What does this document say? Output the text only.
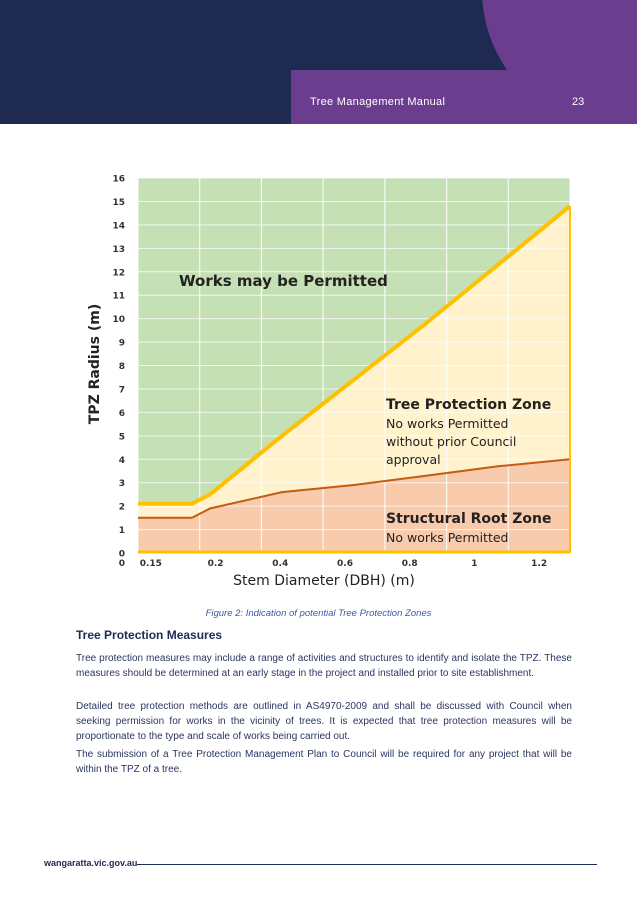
Tree Management Manual	23
0
1
2
3
4
5
6
7
8
9
10
11
12
13
14
15
16
0 0.15	0.2	0.4	0.6	0.8	1	1.2
Stem Diameter (DBH) (m)
TPZ Radius (m)
Works may be Permitted
Tree Protection Zone
No works Permitted
without prior Council
approval
Structural Root Zone
No works Permitted
Figure 2: Indication of potential Tree Protection Zones
Tree Protection Measures

Tree protection measures may include a range of activities and structures to identify and isolate the TPZ. These measures should be determined at an early stage in the project and installed prior to site establishment.

Detailed tree protection methods are outlined in AS4970-2009 and shall be discussed with Council when seeking permission for works in the vicinity of trees. It is expected that tree protection measures will be proportionate to the type and scale of works being carried out.

The submission of a Tree Protection Management Plan to Council will be required for any project that will be within the TPZ of a tree.

wangaratta.vic.gov.au
